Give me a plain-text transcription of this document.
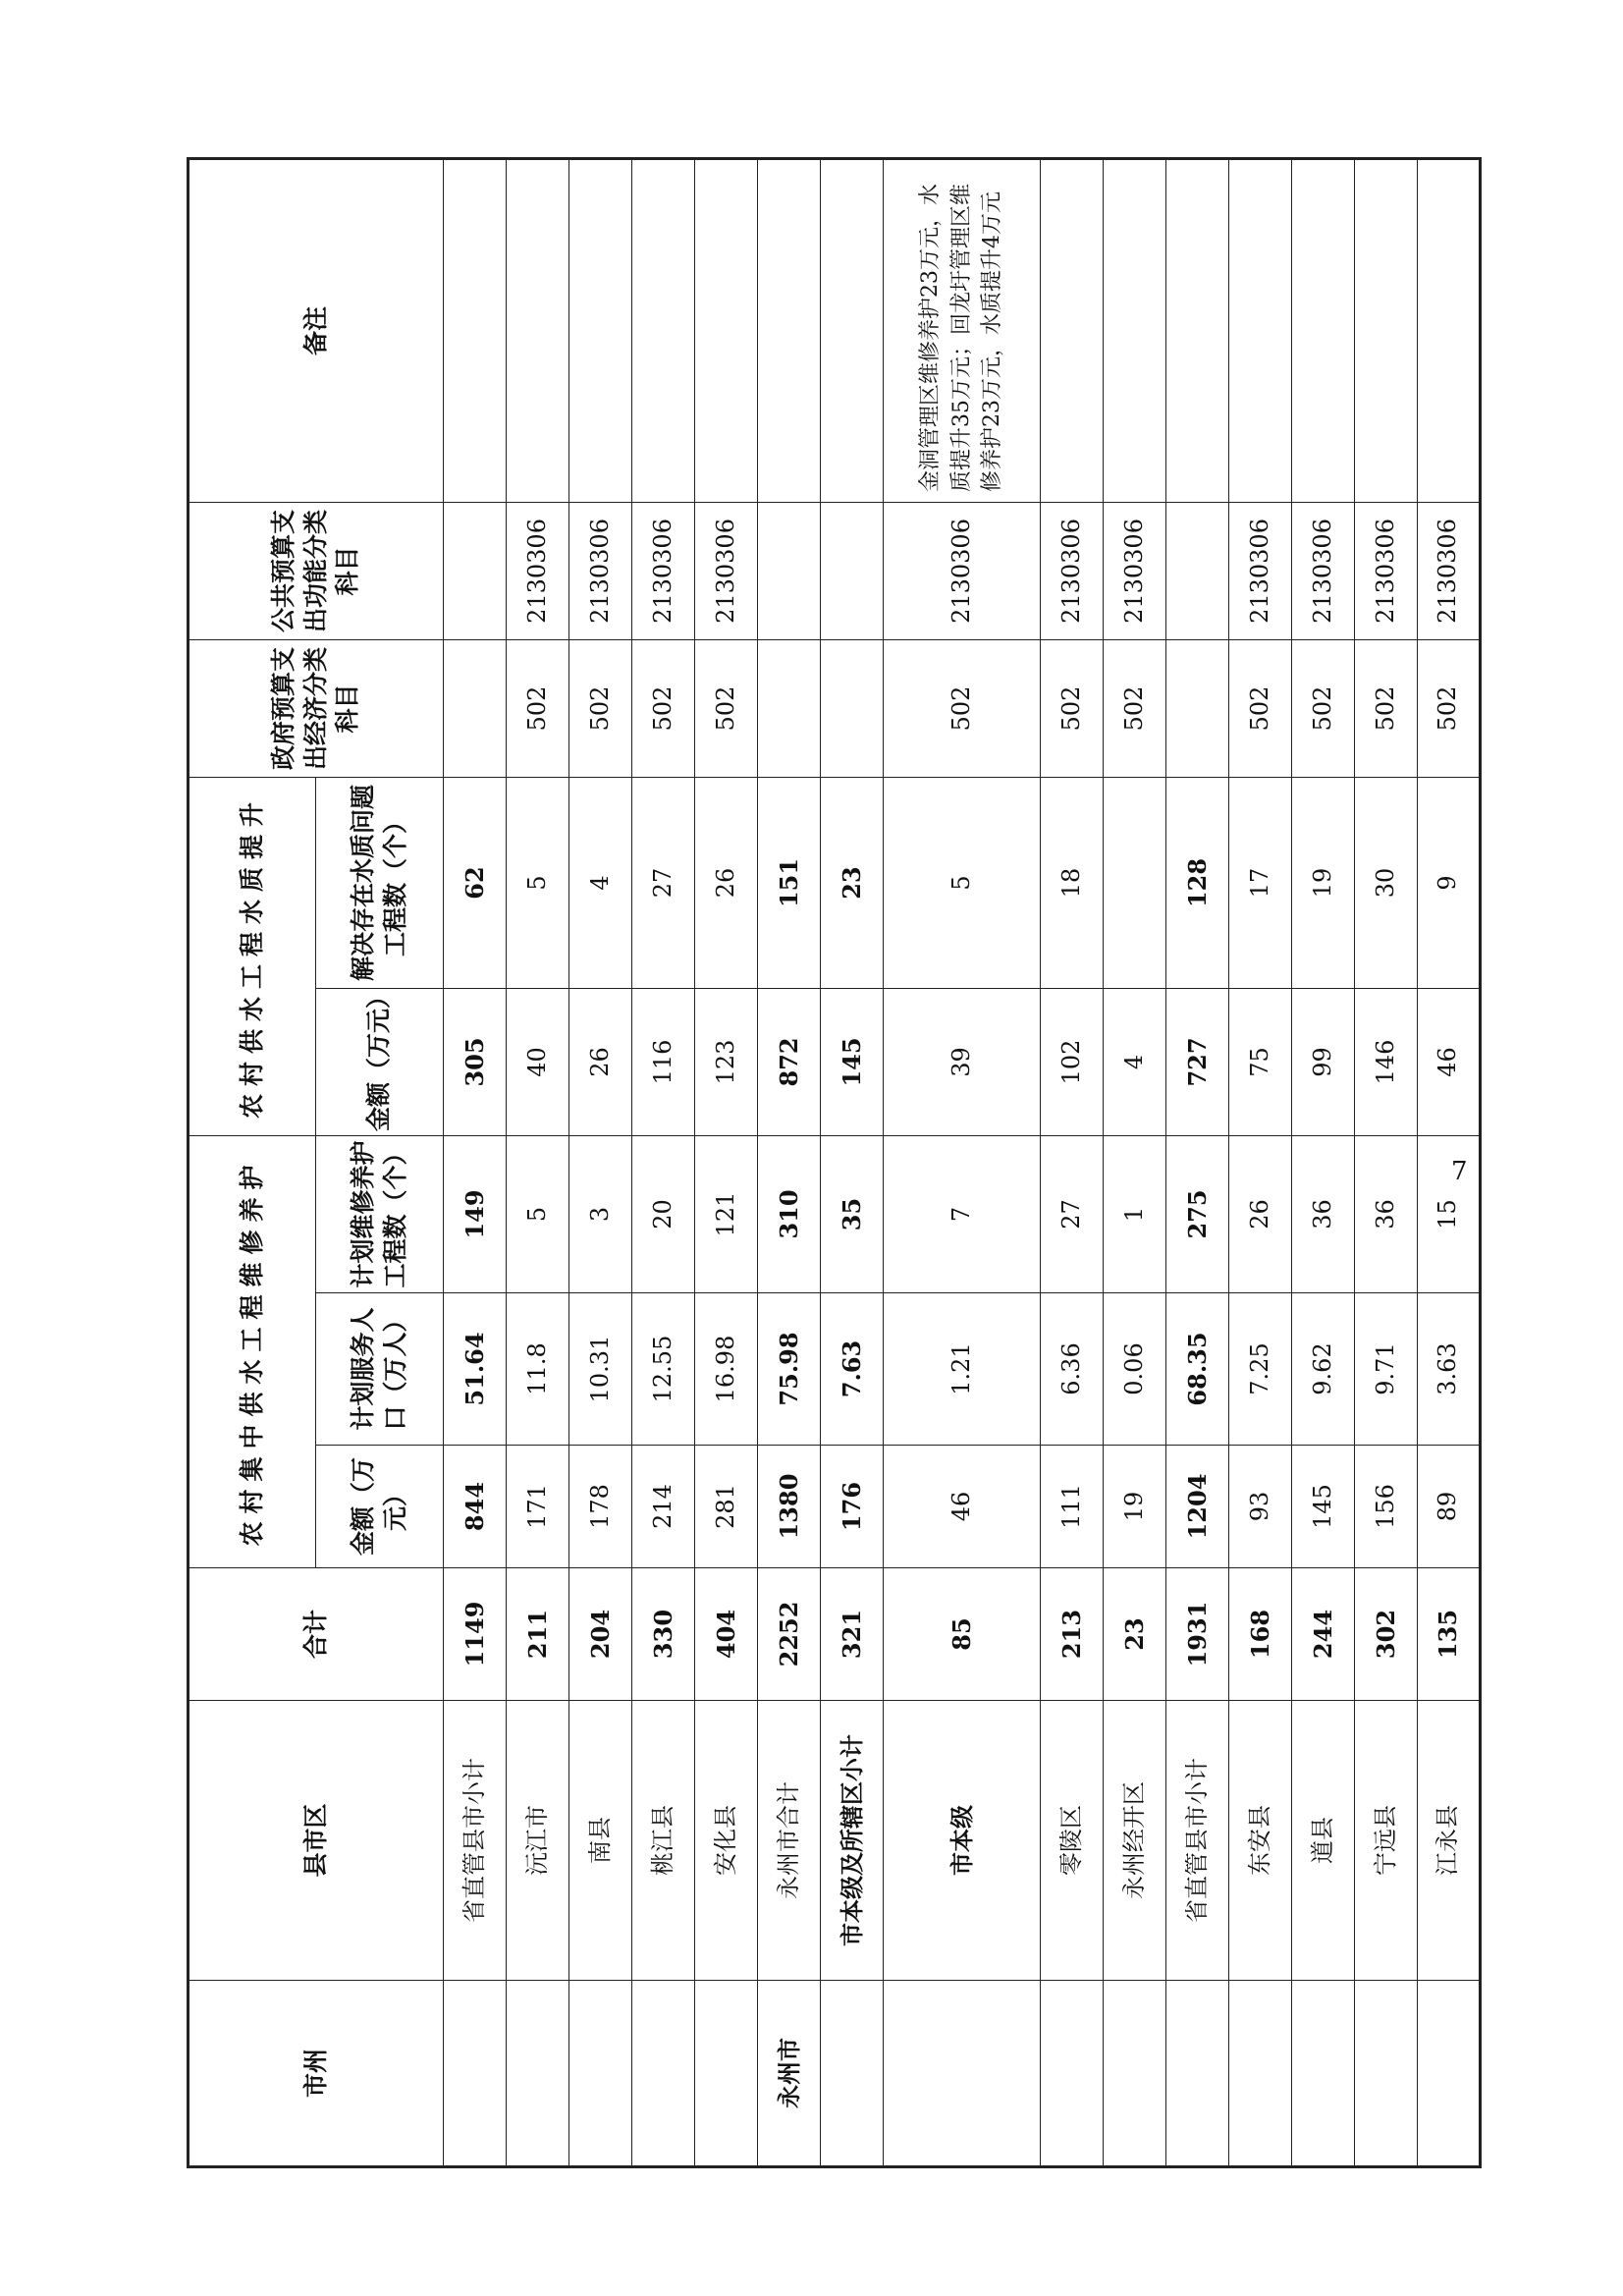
市州	县市区	合计	农村集中供水工程维修养护			农村供水工程水质提升		政府预算支出经济分类科目	公共预算支出功能分类科目	备注
			金额（万元）	计划服务人口（万人）	计划维修养护工程数（个）	金额（万元）	解决存在水质问题工程数（个）			
	省直管县市小计	1149	844	51.64	149	305	62			
	沅江市	211	171	11.8	5	40	5	502	2130306	
	南县	204	178	10.31	3	26	4	502	2130306	
	桃江县	330	214	12.55	20	116	27	502	2130306	
	安化县	404	281	16.98	121	123	26	502	2130306	
永州市	永州市合计	2252	1380	75.98	310	872	151			
	市本级及所辖区小计	321	176	7.63	35	145	23			
	市本级	85	46	1.21	7	39	5	502	2130306	金洞管理区维修养护23万元，水质提升35万元；回龙圩管理区维修养护23万元，水质提升4万元
	零陵区	213	111	6.36	27	102	18	502	2130306	
	永州经开区	23	19	0.06	1	4		502	2130306	
	省直管县市小计	1931	1204	68.35	275	727	128			
	东安县	168	93	7.25	26	75	17	502	2130306	
	道县	244	145	9.62	36	99	19	502	2130306	
	宁远县	302	156	9.71	36	146	30	502	2130306	
	江永县	135	89	3.63	15	46	9	502	2130306	
7
